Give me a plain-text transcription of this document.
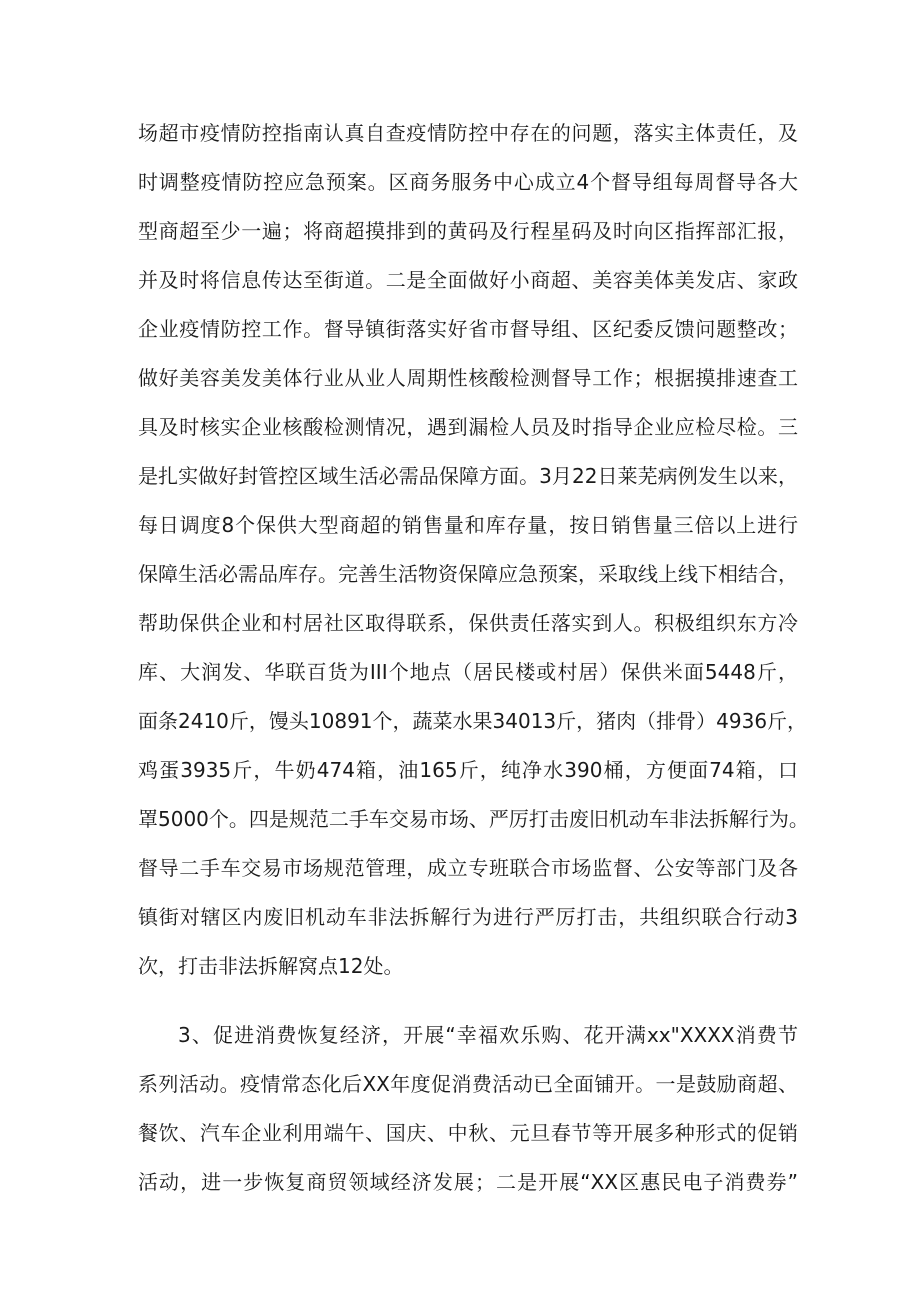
场超市疫情防控指南认真自查疫情防控中存在的问题，落实主体责任，及
时调整疫情防控应急预案。区商务服务中心成立4个督导组每周督导各大
型商超至少一遍；将商超摸排到的黄码及行程星码及时向区指挥部汇报，
并及时将信息传达至街道。二是全面做好小商超、美容美体美发店、家政
企业疫情防控工作。督导镇街落实好省市督导组、区纪委反馈问题整改；
做好美容美发美体行业从业人周期性核酸检测督导工作；根据摸排速查工
具及时核实企业核酸检测情况，遇到漏检人员及时指导企业应检尽检。三
是扎实做好封管控区域生活必需品保障方面。3月22日莱芜病例发生以来，
每日调度8个保供大型商超的销售量和库存量，按日销售量三倍以上进行
保障生活必需品库存。完善生活物资保障应急预案，采取线上线下相结合，
帮助保供企业和村居社区取得联系，保供责任落实到人。积极组织东方冷
库、大润发、华联百货为III个地点（居民楼或村居）保供米面5448斤，
面条2410斤，馒头10891个，蔬菜水果34013斤，猪肉（排骨）4936斤，
鸡蛋3935斤，牛奶474箱，油165斤，纯净水390桶，方便面74箱，口
罩5000个。四是规范二手车交易市场、严厉打击废旧机动车非法拆解行为。
督导二手车交易市场规范管理，成立专班联合市场监督、公安等部门及各
镇街对辖区内废旧机动车非法拆解行为进行严厉打击，共组织联合行动3
次，打击非法拆解窝点12处。
3、促进消费恢复经济，开展“幸福欢乐购、花开满xx"XXXX消费节
系列活动。疫情常态化后XX年度促消费活动已全面铺开。一是鼓励商超、
餐饮、汽车企业利用端午、国庆、中秋、元旦春节等开展多种形式的促销
活动，进一步恢复商贸领域经济发展；二是开展“XX区惠民电子消费券”
